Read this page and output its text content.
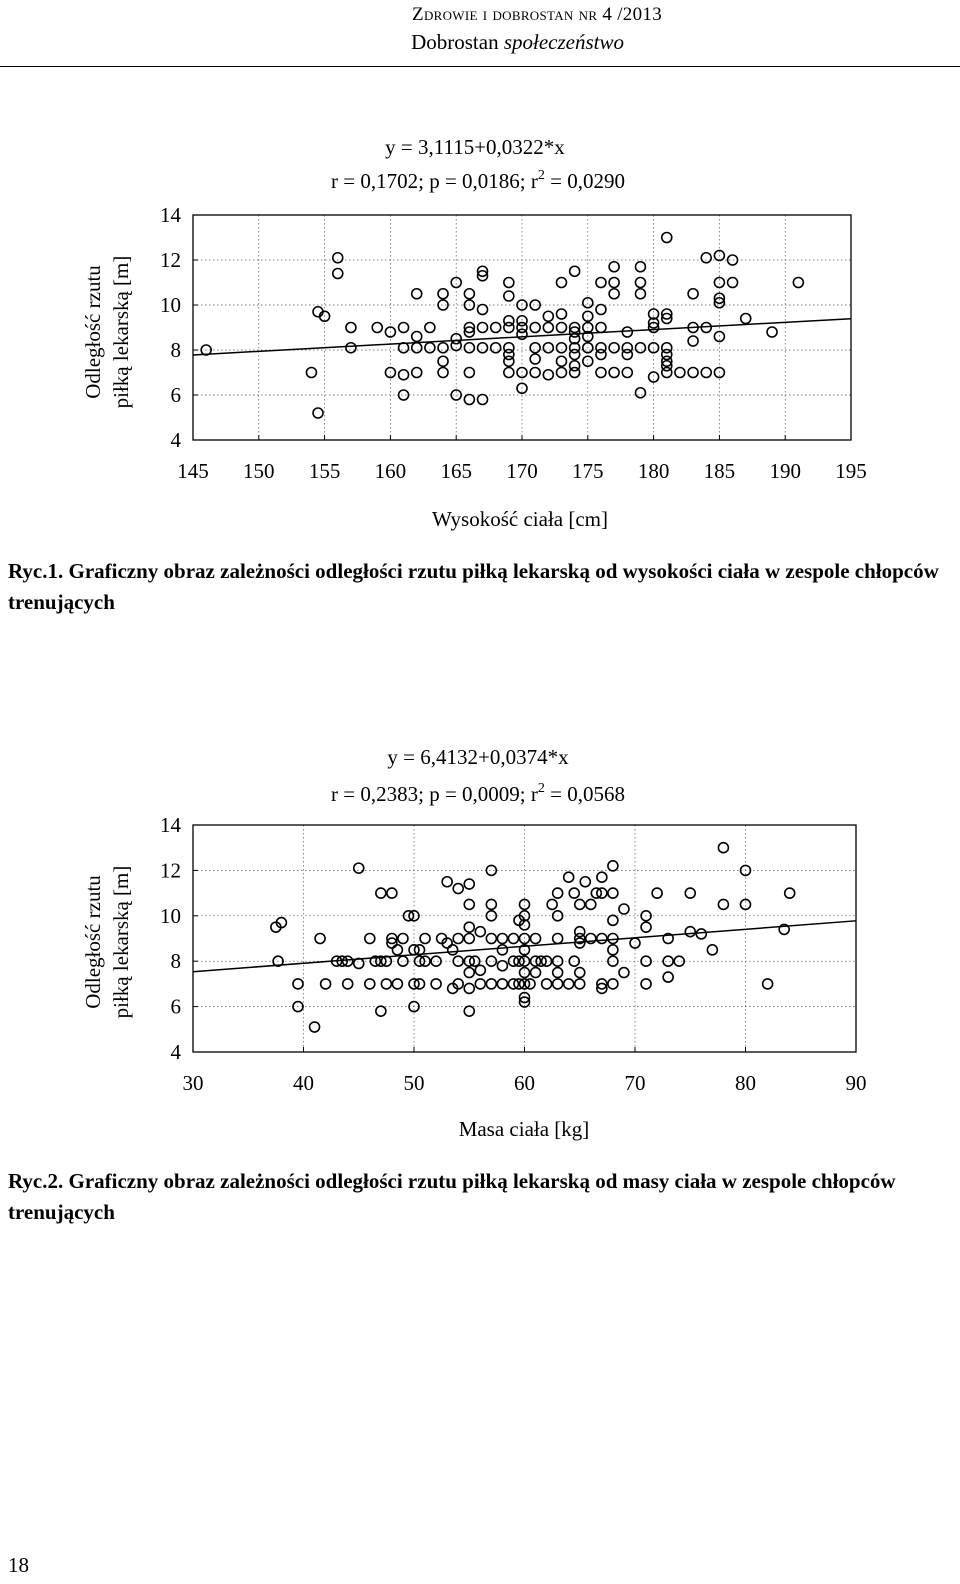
Zdrowie i dobrostan nr 4 /2013
Dobrostan społeczeństwo
y = 3,1115+0,0322*x
r = 0,1702; p = 0,0186; $r^2 = 0,0290$
Odległość rzutu piłką lekarską [m]
145 150 155 160 165 170 175 180 185 190 195
4
6
8
10
12
14
Wysokość ciała [cm]
Ryc.1. Graficzny obraz zależności odległości rzutu piłką lekarską od wysokości ciała w zespole chłopców trenujących
y = 6,4132+0,0374*x
r = 0,2383; p = 0,0009; $r^2 = 0,0568$
Odległość rzutu piłką lekarską [m]
30	40	50	60	70	80	90
4
6
8
10
12
14
Masa ciała [kg]
Ryc.2. Graficzny obraz zależności odległości rzutu piłką lekarską od masy ciała w zespole chłopców trenujących
18
